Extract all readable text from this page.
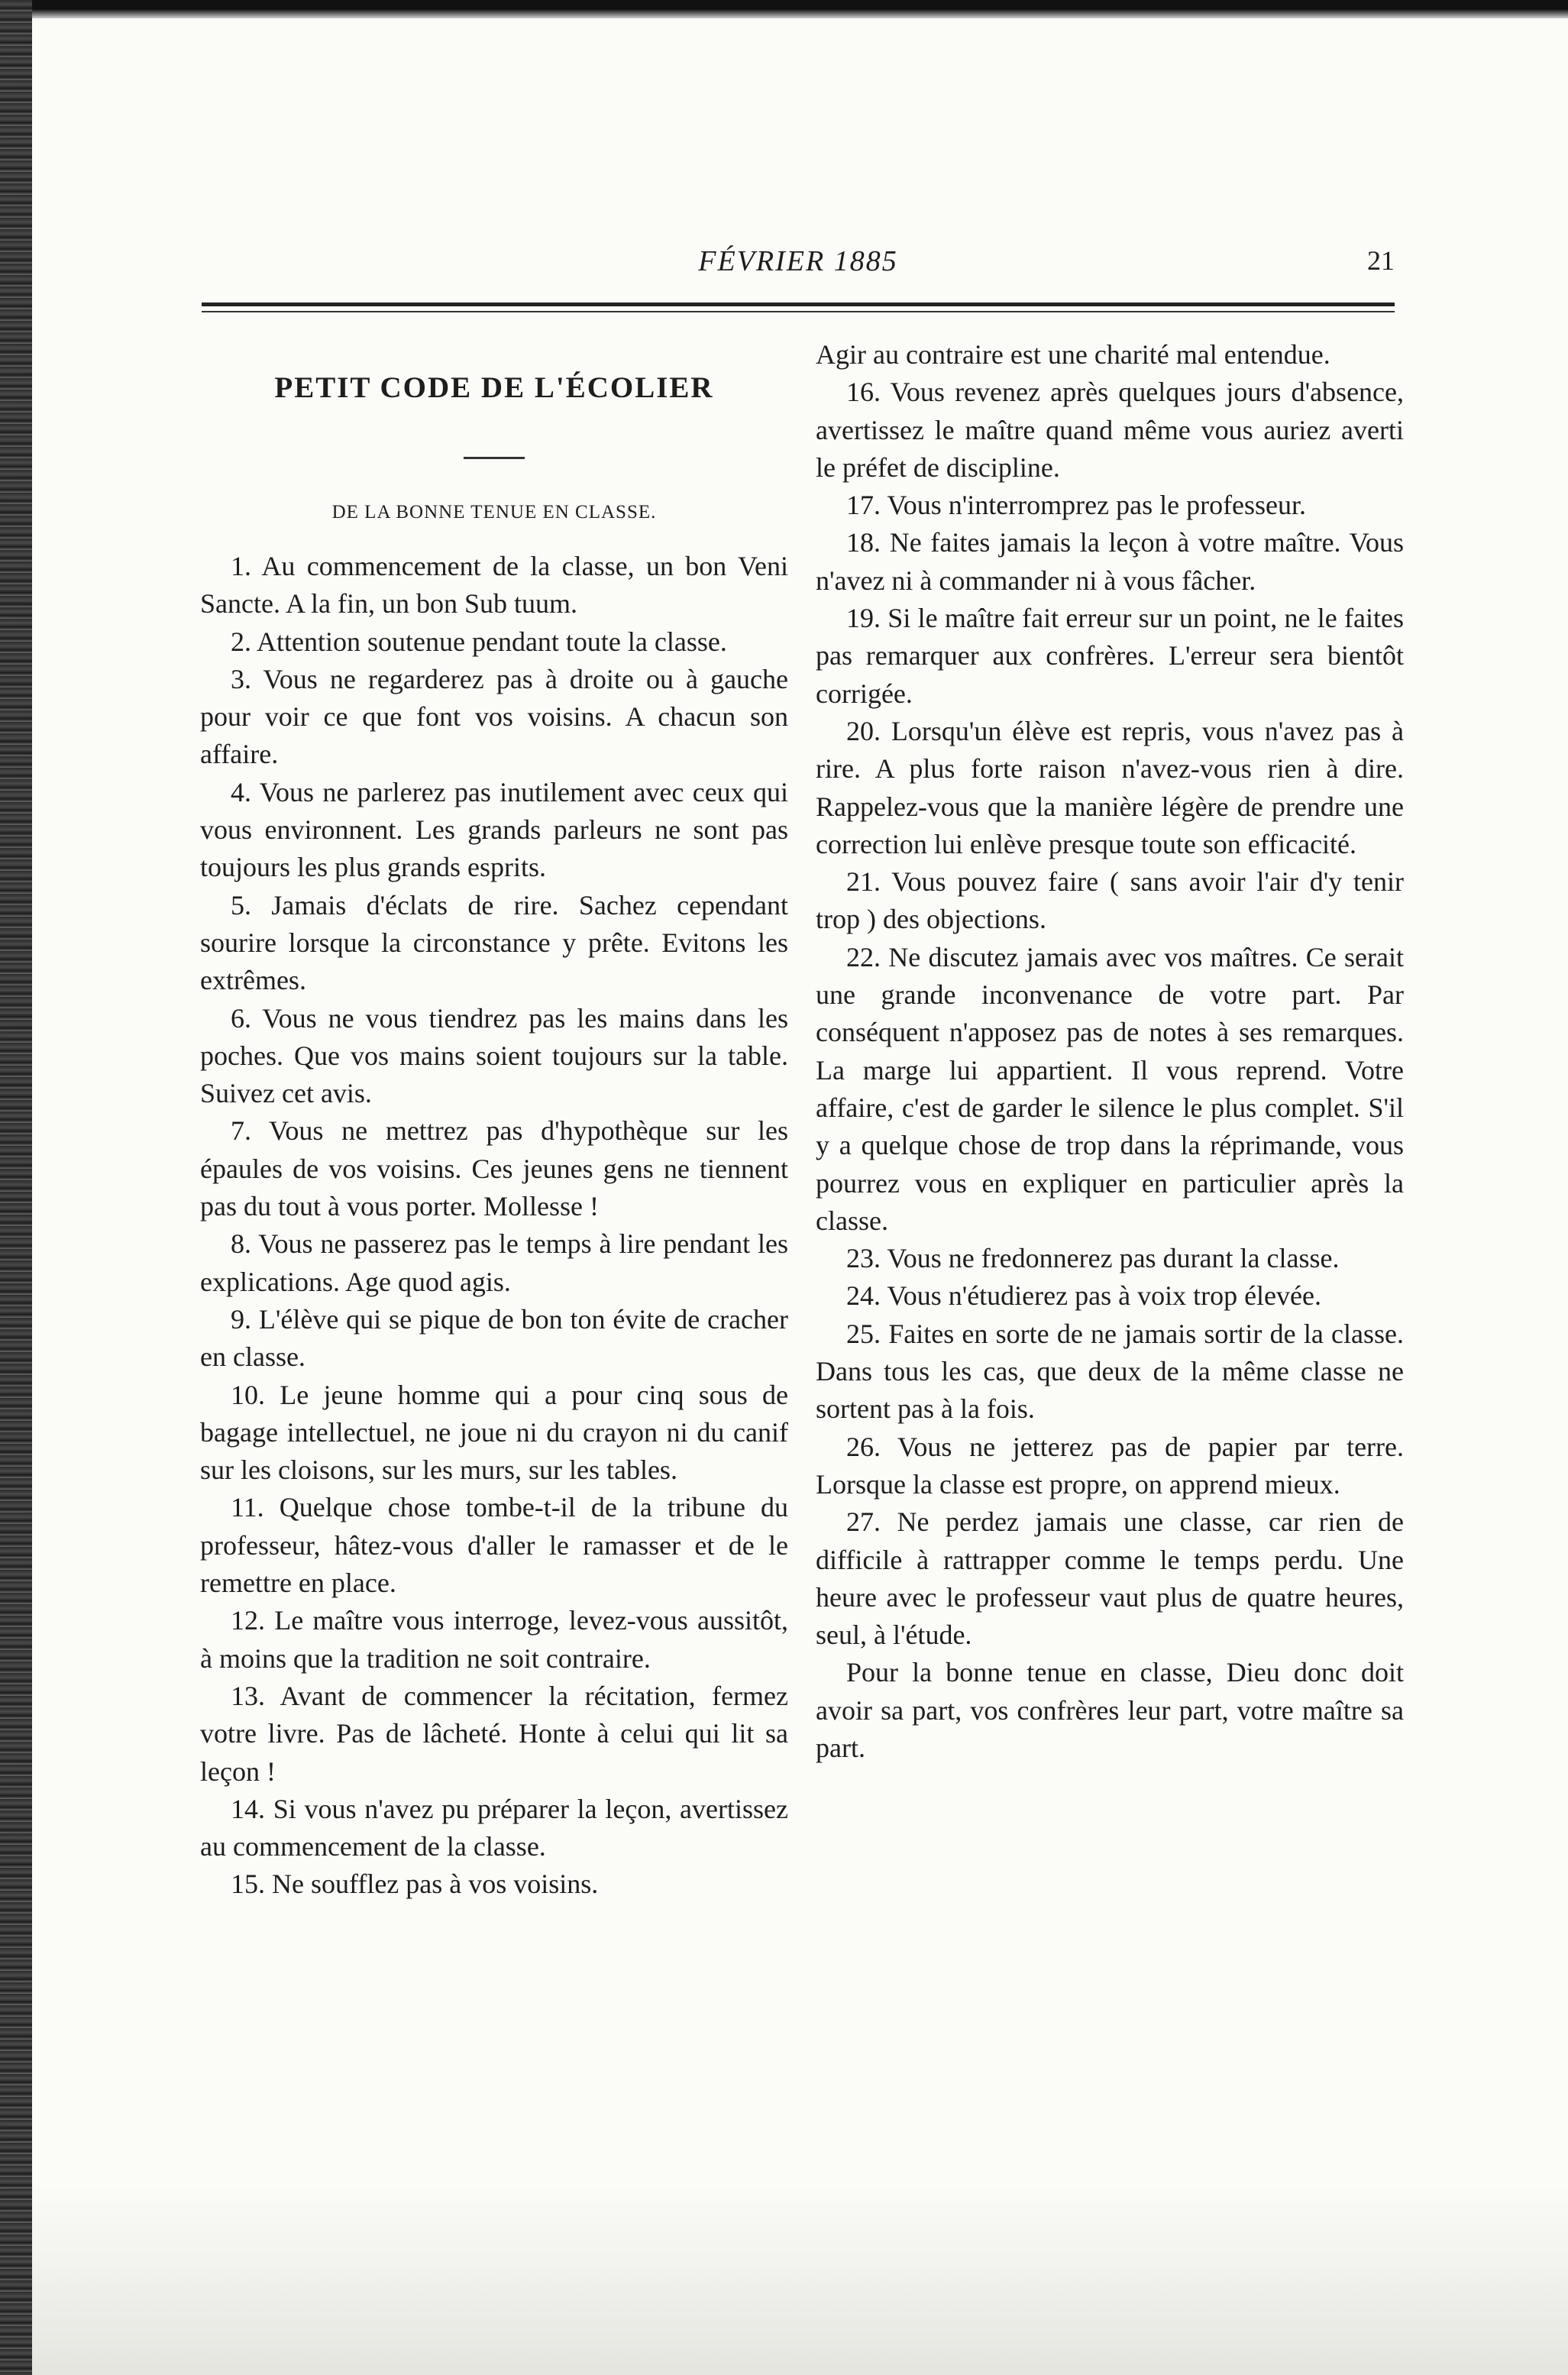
FÉVRIER 1885	21
PETIT CODE DE L'ÉCOLIER
DE LA BONNE TENUE EN CLASSE.

1. Au commencement de la classe, un bon Veni Sancte. A la fin, un bon Sub tuum.

2. Attention soutenue pendant toute la classe.

3. Vous ne regarderez pas à droite ou à gauche pour voir ce que font vos voisins. A chacun son affaire.

4. Vous ne parlerez pas inutilement avec ceux qui vous environnent. Les grands parleurs ne sont pas toujours les plus grands esprits.

5. Jamais d'éclats de rire. Sachez cependant sourire lorsque la circonstance y prête. Evitons les extrêmes.

6. Vous ne vous tiendrez pas les mains dans les poches. Que vos mains soient toujours sur la table. Suivez cet avis.

7. Vous ne mettrez pas d'hypothèque sur les épaules de vos voisins. Ces jeunes gens ne tiennent pas du tout à vous porter. Mollesse !

8. Vous ne passerez pas le temps à lire pendant les explications. Age quod agis.

9. L'élève qui se pique de bon ton évite de cracher en classe.

10. Le jeune homme qui a pour cinq sous de bagage intellectuel, ne joue ni du crayon ni du canif sur les cloisons, sur les murs, sur les tables.

11. Quelque chose tombe-t-il de la tribune du professeur, hâtez-vous d'aller le ramasser et de le remettre en place.

12. Le maître vous interroge, levez-vous aussitôt, à moins que la tradition ne soit contraire.

13. Avant de commencer la récitation, fermez votre livre. Pas de lâcheté. Honte à celui qui lit sa leçon !

14. Si vous n'avez pu préparer la leçon, avertissez au commencement de la classe.

15. Ne soufflez pas à vos voisins.

Agir au contraire est une charité mal entendue.

16. Vous revenez après quelques jours d'absence, avertissez le maître quand même vous auriez averti le préfet de discipline.

17. Vous n'interromprez pas le professeur.

18. Ne faites jamais la leçon à votre maître. Vous n'avez ni à commander ni à vous fâcher.

19. Si le maître fait erreur sur un point, ne le faites pas remarquer aux confrères. L'erreur sera bientôt corrigée.

20. Lorsqu'un élève est repris, vous n'avez pas à rire. A plus forte raison n'avez-vous rien à dire. Rappelez-vous que la manière légère de prendre une correction lui enlève presque toute son efficacité.

21. Vous pouvez faire ( sans avoir l'air d'y tenir trop ) des objections.

22. Ne discutez jamais avec vos maîtres. Ce serait une grande inconvenance de votre part. Par conséquent n'apposez pas de notes à ses remarques. La marge lui appartient. Il vous reprend. Votre affaire, c'est de garder le silence le plus complet. S'il y a quelque chose de trop dans la réprimande, vous pourrez vous en expliquer en particulier après la classe.

23. Vous ne fredonnerez pas durant la classe.

24. Vous n'étudierez pas à voix trop élevée.

25. Faites en sorte de ne jamais sortir de la classe. Dans tous les cas, que deux de la même classe ne sortent pas à la fois.

26. Vous ne jetterez pas de papier par terre. Lorsque la classe est propre, on apprend mieux.

27. Ne perdez jamais une classe, car rien de difficile à rattrapper comme le temps perdu. Une heure avec le professeur vaut plus de quatre heures, seul, à l'étude.

Pour la bonne tenue en classe, Dieu donc doit avoir sa part, vos confrères leur part, votre maître sa part.
